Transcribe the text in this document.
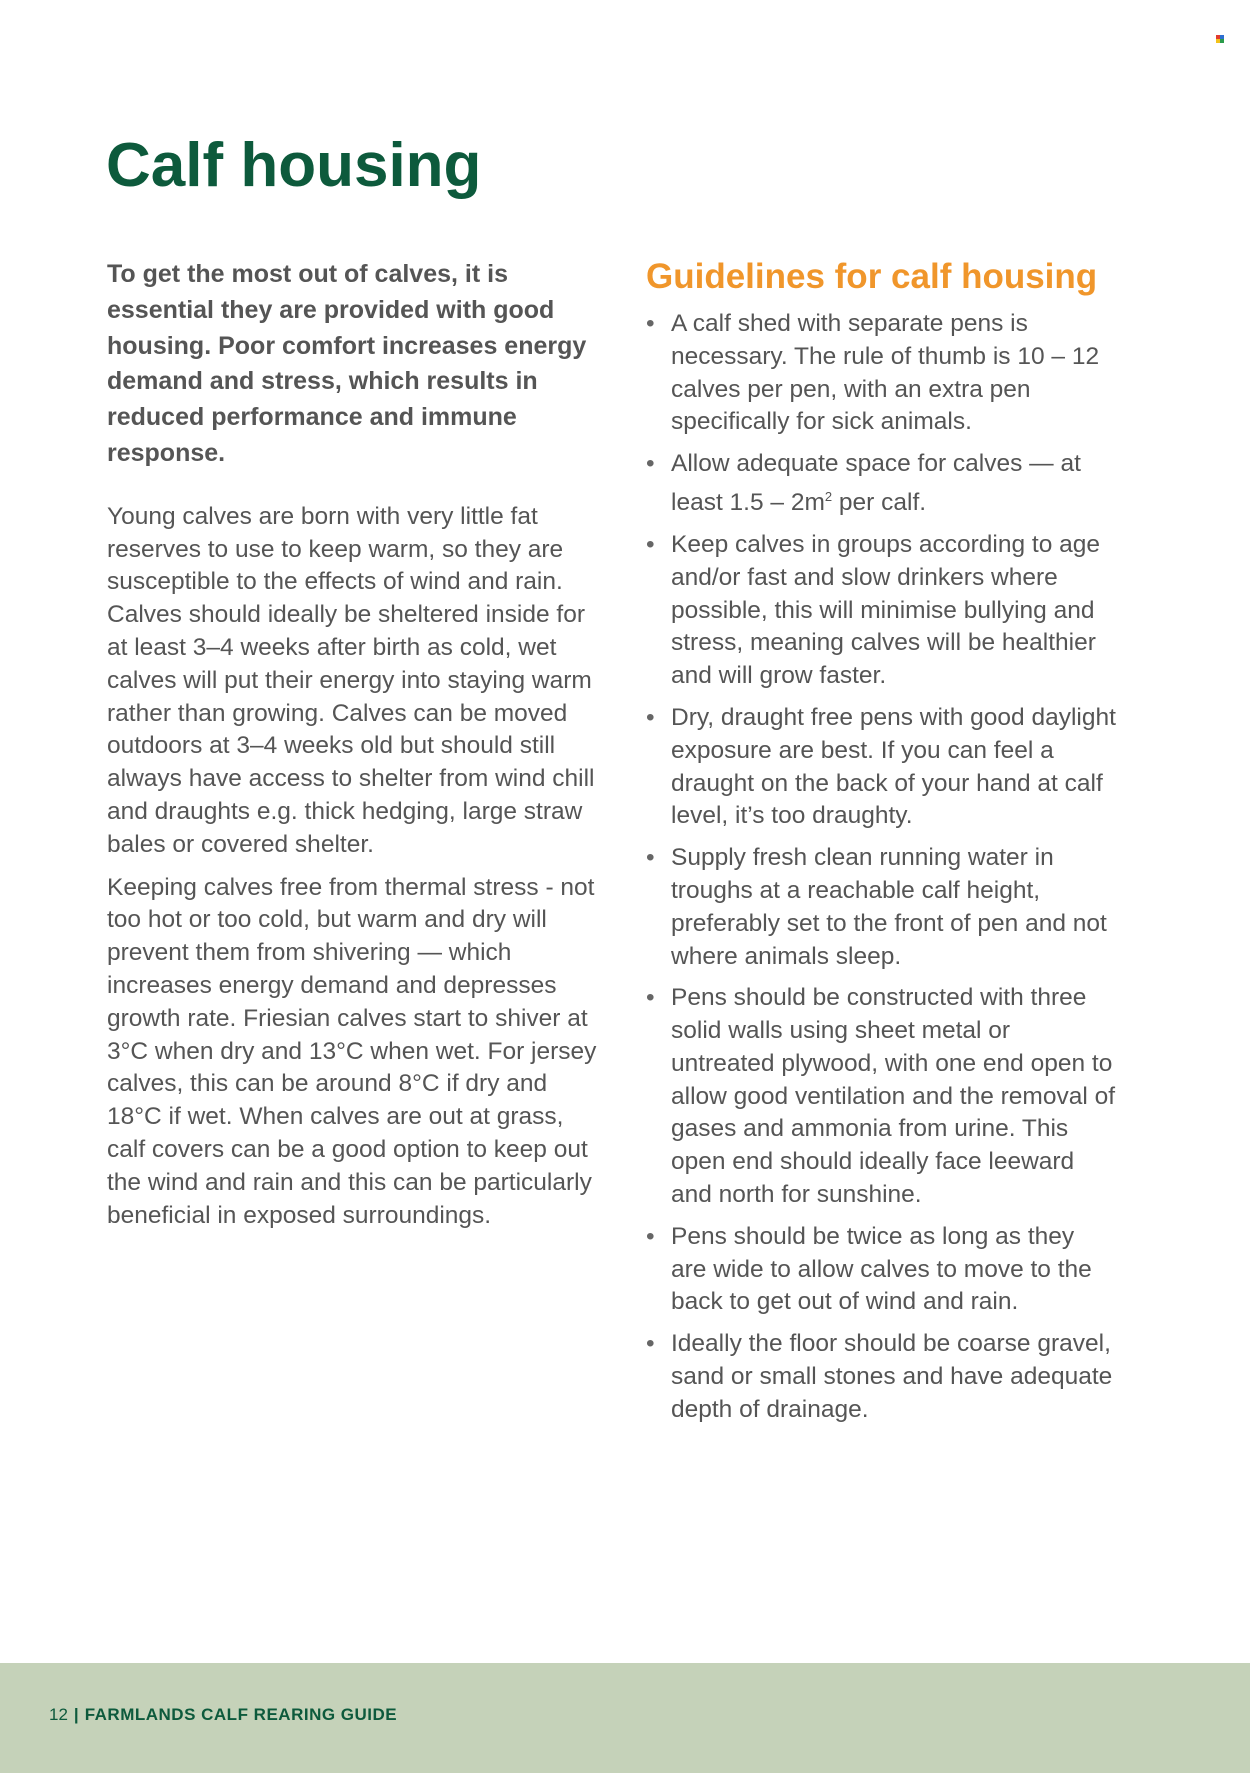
Calf housing

To get the most out of calves, it is essential they are provided with good housing. Poor comfort increases energy demand and stress, which results in reduced performance and immune response.

Young calves are born with very little fat reserves to use to keep warm, so they are susceptible to the effects of wind and rain. Calves should ideally be sheltered inside for at least 3–4 weeks after birth as cold, wet calves will put their energy into staying warm rather than growing. Calves can be moved outdoors at 3–4 weeks old but should still always have access to shelter from wind chill and draughts e.g. thick hedging, large straw bales or covered shelter.

Keeping calves free from thermal stress - not too hot or too cold, but warm and dry will prevent them from shivering — which increases energy demand and depresses growth rate. Friesian calves start to shiver at 3°C when dry and 13°C when wet. For jersey calves, this can be around 8°C if dry and 18°C if wet. When calves are out at grass, calf covers can be a good option to keep out the wind and rain and this can be particularly beneficial in exposed surroundings.

Guidelines for calf housing
• A calf shed with separate pens is necessary. The rule of thumb is 10 – 12 calves per pen, with an extra pen specifically for sick animals.
• Allow adequate space for calves — at least $1.5 - 2m^2$ per calf.
• Keep calves in groups according to age and/or fast and slow drinkers where possible, this will minimise bullying and stress, meaning calves will be healthier and will grow faster.
• Dry, draught free pens with good daylight exposure are best. If you can feel a draught on the back of your hand at calf level, it’s too draughty.
• Supply fresh clean running water in troughs at a reachable calf height, preferably set to the front of pen and not where animals sleep.
• Pens should be constructed with three solid walls using sheet metal or untreated plywood, with one end open to allow good ventilation and the removal of gases and ammonia from urine. This open end should ideally face leeward and north for sunshine.
• Pens should be twice as long as they are wide to allow calves to move to the back to get out of wind and rain.
• Ideally the floor should be coarse gravel, sand or small stones and have adequate depth of drainage.
12 | FARMLANDS CALF REARING GUIDE
